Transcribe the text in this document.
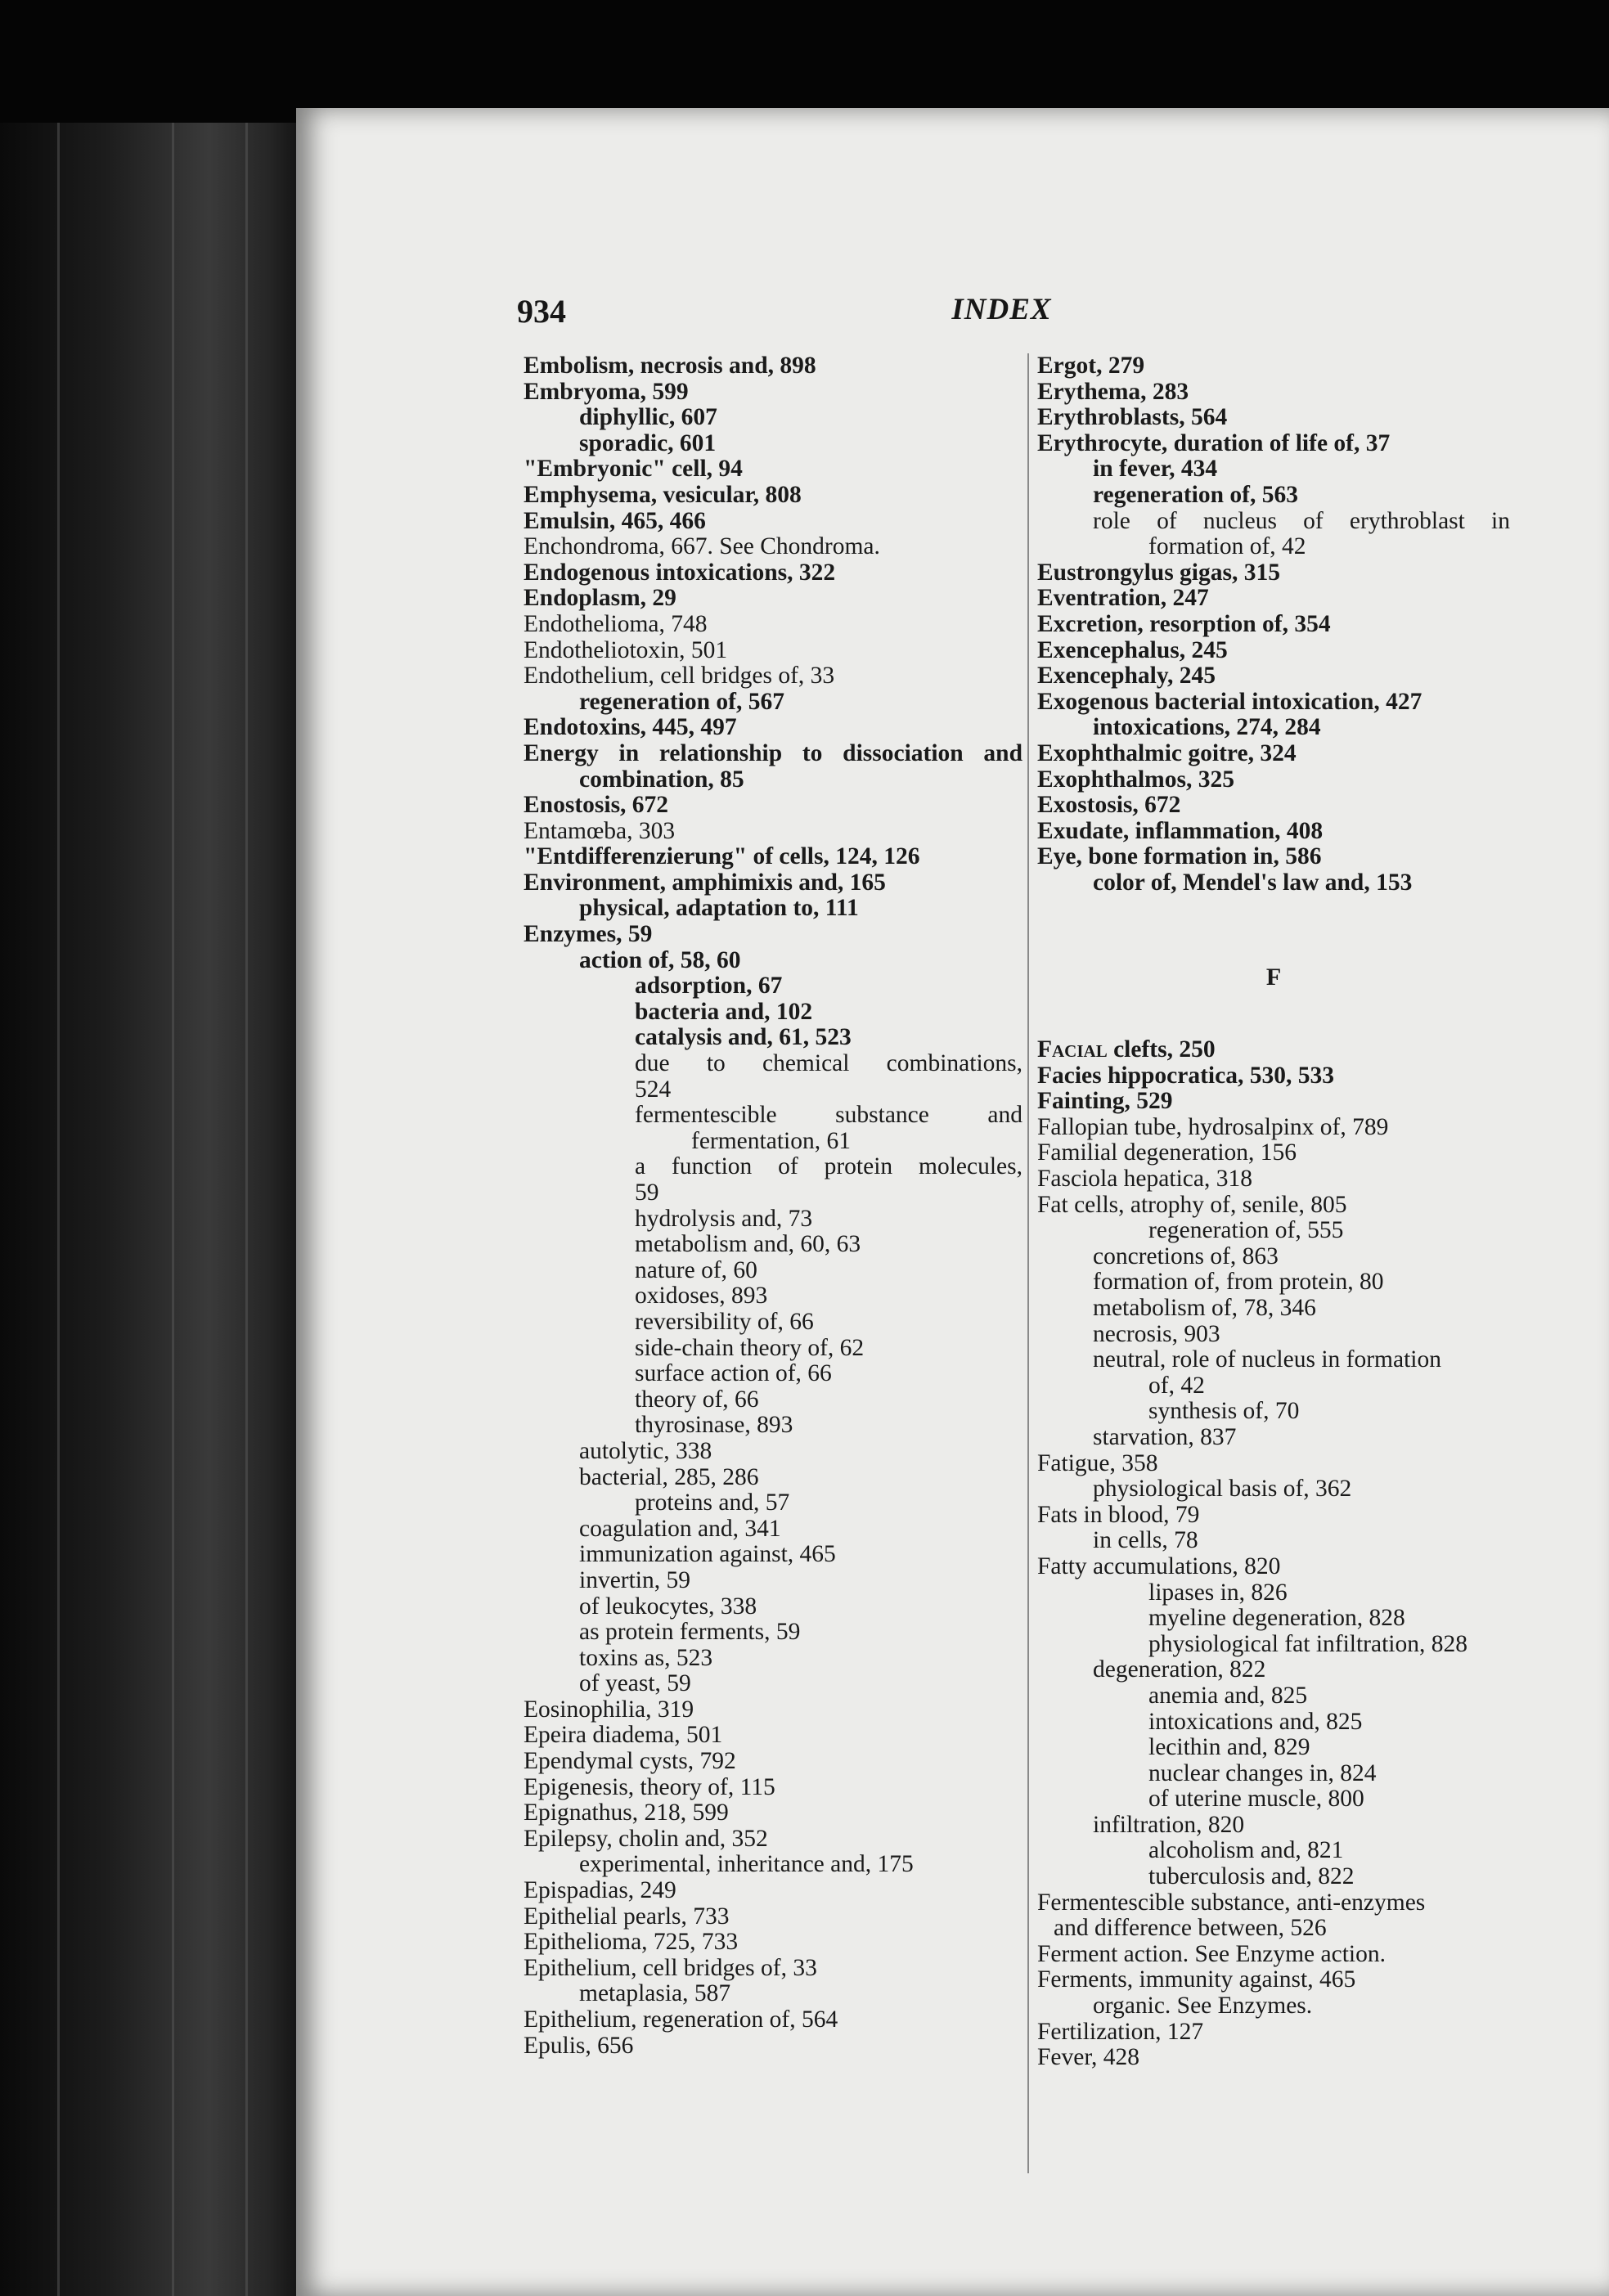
934	INDEX
Embolism, necrosis and, 898
Embryoma, 599
diphyllic, 607
sporadic, 601
"Embryonic" cell, 94
Emphysema, vesicular, 808
Emulsin, 465, 466
Enchondroma, 667. See Chondroma.
Endogenous intoxications, 322
Endoplasm, 29
Endothelioma, 748
Endotheliotoxin, 501
Endothelium, cell bridges of, 33
regeneration of, 567
Endotoxins, 445, 497
Energy in relationship to dissociation and
combination, 85
Enostosis, 672
Entamœba, 303
"Entdifferenzierung" of cells, 124, 126
Environment, amphimixis and, 165
physical, adaptation to, 111
Enzymes, 59
action of, 58, 60
adsorption, 67
bacteria and, 102
catalysis and, 61, 523
due to chemical combinations,
524
fermentescible substance and
fermentation, 61
a function of protein molecules,
59
hydrolysis and, 73
metabolism and, 60, 63
nature of, 60
oxidoses, 893
reversibility of, 66
side-chain theory of, 62
surface action of, 66
theory of, 66
thyrosinase, 893
autolytic, 338
bacterial, 285, 286
proteins and, 57
coagulation and, 341
immunization against, 465
invertin, 59
of leukocytes, 338
as protein ferments, 59
toxins as, 523
of yeast, 59
Eosinophilia, 319
Epeira diadema, 501
Ependymal cysts, 792
Epigenesis, theory of, 115
Epignathus, 218, 599
Epilepsy, cholin and, 352
experimental, inheritance and, 175
Epispadias, 249
Epithelial pearls, 733
Epithelioma, 725, 733
Epithelium, cell bridges of, 33
metaplasia, 587
Epithelium, regeneration of, 564
Epulis, 656
Ergot, 279
Erythema, 283
Erythroblasts, 564
Erythrocyte, duration of life of, 37
in fever, 434
regeneration of, 563
role of nucleus of erythroblast in
formation of, 42
Eustrongylus gigas, 315
Eventration, 247
Excretion, resorption of, 354
Exencephalus, 245
Exencephaly, 245
Exogenous bacterial intoxication, 427
intoxications, 274, 284
Exophthalmic goitre, 324
Exophthalmos, 325
Exostosis, 672
Exudate, inflammation, 408
Eye, bone formation in, 586
color of, Mendel's law and, 153
F
Facial clefts, 250
Facies hippocratica, 530, 533
Fainting, 529
Fallopian tube, hydrosalpinx of, 789
Familial degeneration, 156
Fasciola hepatica, 318
Fat cells, atrophy of, senile, 805
regeneration of, 555
concretions of, 863
formation of, from protein, 80
metabolism of, 78, 346
necrosis, 903
neutral, role of nucleus in formation
of, 42
synthesis of, 70
starvation, 837
Fatigue, 358
physiological basis of, 362
Fats in blood, 79
in cells, 78
Fatty accumulations, 820
lipases in, 826
myeline degeneration, 828
physiological fat infiltration, 828
degeneration, 822
anemia and, 825
intoxications and, 825
lecithin and, 829
nuclear changes in, 824
of uterine muscle, 800
infiltration, 820
alcoholism and, 821
tuberculosis and, 822
Fermentescible substance, anti-enzymes
and difference between, 526
Ferment action. See Enzyme action.
Ferments, immunity against, 465
organic. See Enzymes.
Fertilization, 127
Fever, 428
